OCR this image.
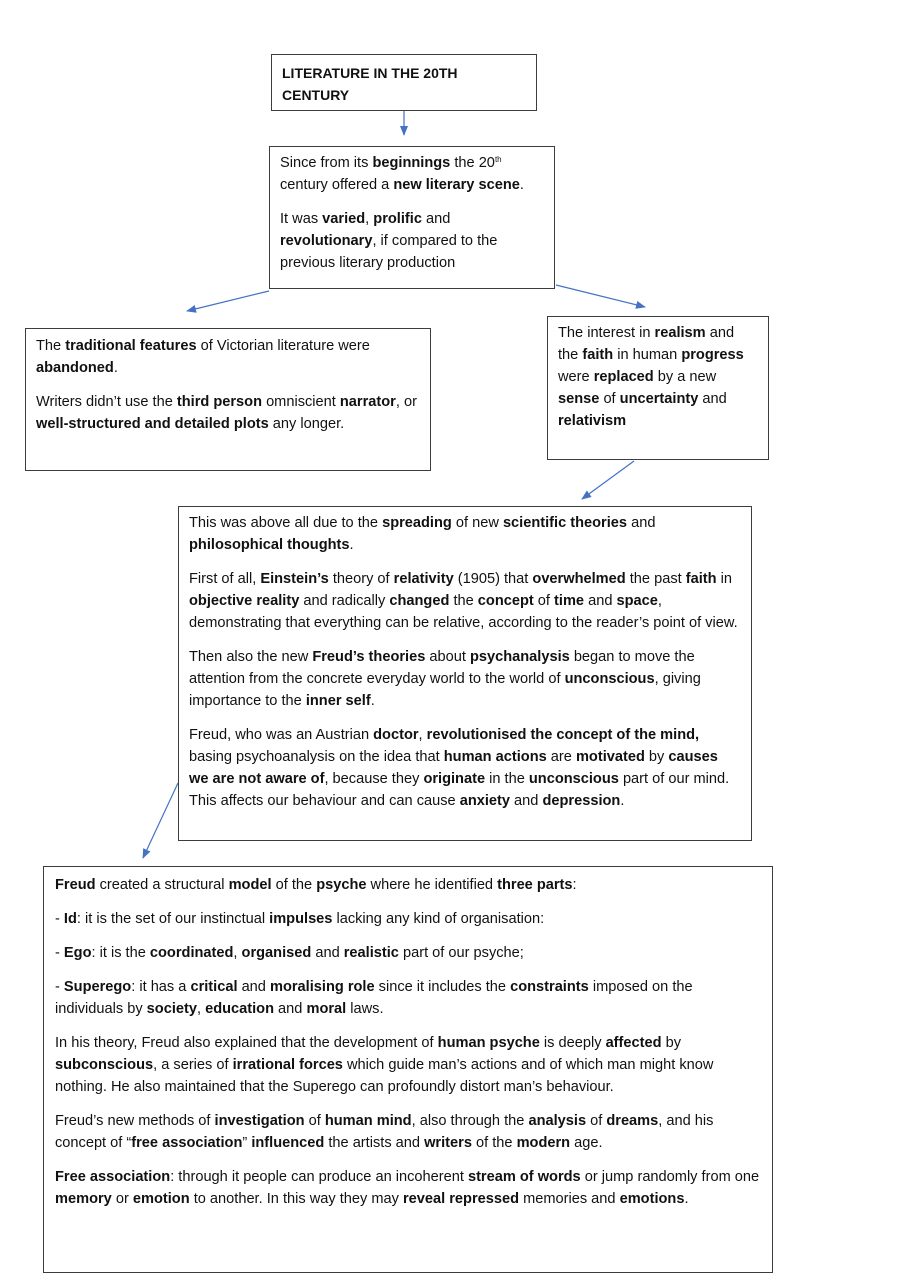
LITERATURE IN THE 20TH CENTURY

Since from its beginnings the 20th century offered a new literary scene.

It was varied, prolific and revolutionary, if compared to the previous literary production

The traditional features of Victorian literature were abandoned.

Writers didn’t use the third person omniscient narrator, or well-structured and detailed plots any longer.

The interest in realism and the faith in human progress were replaced by a new sense of uncertainty and relativism

This was above all due to the spreading of new scientific theories and philosophical thoughts.

First of all, Einstein’s theory of relativity (1905) that overwhelmed the past faith in objective reality and radically changed the concept of time and space, demonstrating that everything can be relative, according to the reader’s point of view.

Then also the new Freud’s theories about psychanalysis began to move the attention from the concrete everyday world to the world of unconscious, giving importance to the inner self.

Freud, who was an Austrian doctor, revolutionised the concept of the mind, basing psychoanalysis on the idea that human actions are motivated by causes we are not aware of, because they originate in the unconscious part of our mind. This affects our behaviour and can cause anxiety and depression.

Freud created a structural model of the psyche where he identified three parts:

- Id: it is the set of our instinctual impulses lacking any kind of organisation:

- Ego: it is the coordinated, organised and realistic part of our psyche;

- Superego: it has a critical and moralising role since it includes the constraints imposed on the individuals by society, education and moral laws.

In his theory, Freud also explained that the development of human psyche is deeply affected by subconscious, a series of irrational forces which guide man’s actions and of which man might know nothing. He also maintained that the Superego can profoundly distort man’s behaviour.

Freud’s new methods of investigation of human mind, also through the analysis of dreams, and his concept of “free association” influenced the artists and writers of the modern age.

Free association: through it people can produce an incoherent stream of words or jump randomly from one memory or emotion to another. In this way they may reveal repressed memories and emotions.
